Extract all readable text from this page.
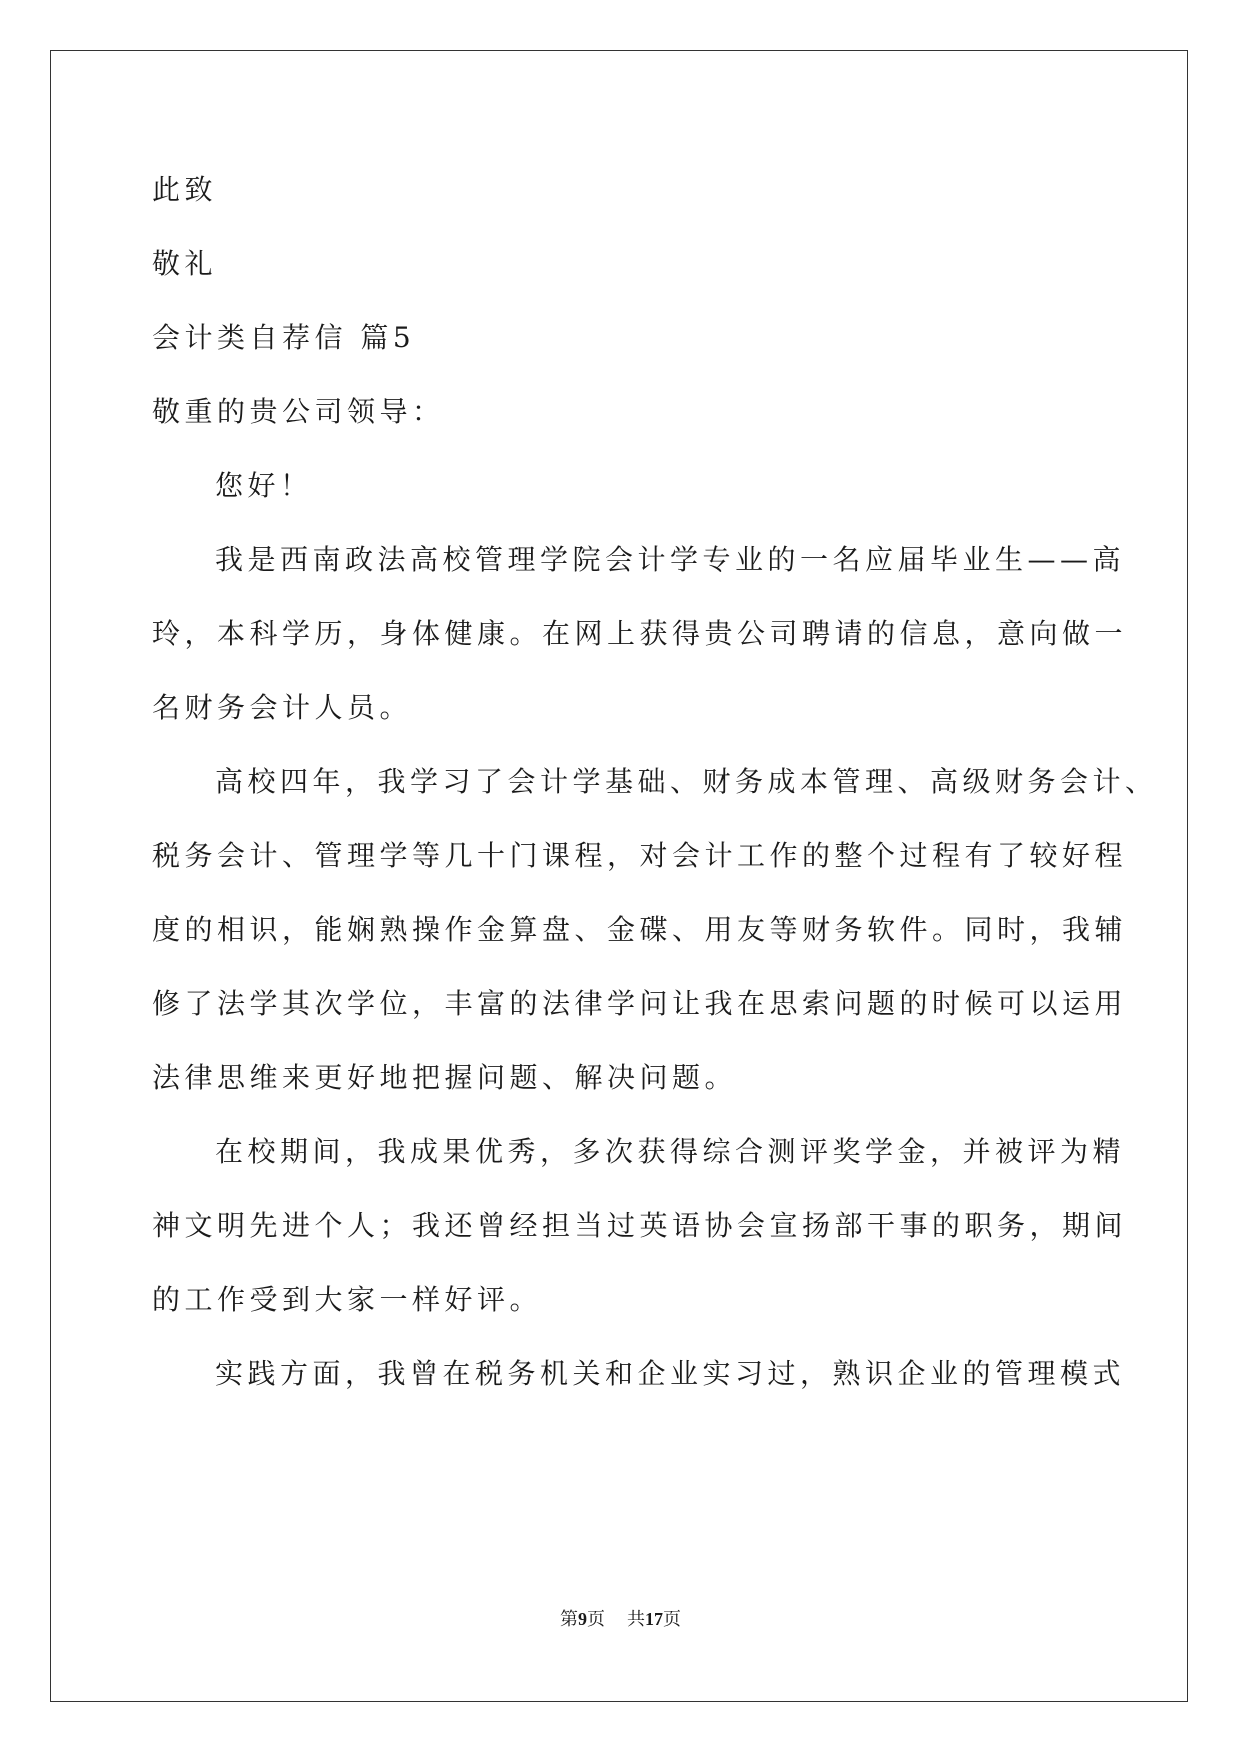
此致
敬礼
会计类自荐信 篇5
敬重的贵公司领导：
您好！
我是西南政法高校管理学院会计学专业的一名应届毕业生——高
玲，本科学历，身体健康。在网上获得贵公司聘请的信息，意向做一
名财务会计人员。
高校四年，我学习了会计学基础、财务成本管理、高级财务会计、
税务会计、管理学等几十门课程，对会计工作的整个过程有了较好程
度的相识，能娴熟操作金算盘、金碟、用友等财务软件。同时，我辅
修了法学其次学位，丰富的法律学问让我在思索问题的时候可以运用
法律思维来更好地把握问题、解决问题。
在校期间，我成果优秀，多次获得综合测评奖学金，并被评为精
神文明先进个人；我还曾经担当过英语协会宣扬部干事的职务，期间
的工作受到大家一样好评。
实践方面，我曾在税务机关和企业实习过，熟识企业的管理模式
第9页 共17页
